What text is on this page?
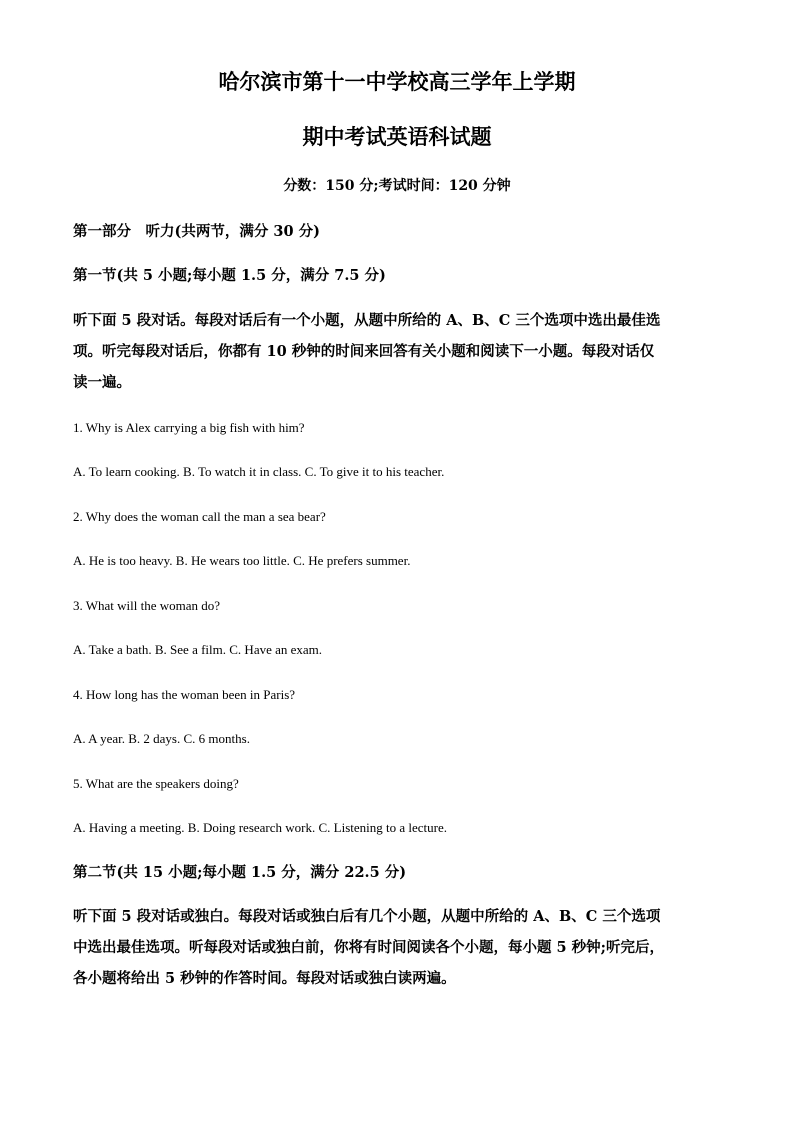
哈尔滨市第十一中学校高三学年上学期
期中考试英语科试题
分数：150 分;考试时间：120 分钟
第一部分　听力(共两节，满分 30 分)
第一节(共 5 小题;每小题 1.5 分，满分 7.5 分)
听下面 5 段对话。每段对话后有一个小题，从题中所给的 A、B、C 三个选项中选出最佳选
项。听完每段对话后，你都有 10 秒钟的时间来回答有关小题和阅读下一小题。每段对话仅
读一遍。
1. Why is Alex carrying a big fish with him?
A. To learn cooking. B. To watch it in class. C. To give it to his teacher.
2. Why does the woman call the man a sea bear?
A. He is too heavy. B. He wears too little. C. He prefers summer.
3. What will the woman do?
A. Take a bath. B. See a film. C. Have an exam.
4. How long has the woman been in Paris?
A. A year. B. 2 days. C. 6 months.
5. What are the speakers doing?
A. Having a meeting. B. Doing research work. C. Listening to a lecture.
第二节(共 15 小题;每小题 1.5 分，满分 22.5 分)
听下面 5 段对话或独白。每段对话或独白后有几个小题，从题中所给的 A、B、C 三个选项
中选出最佳选项。听每段对话或独白前，你将有时间阅读各个小题，每小题 5 秒钟;听完后，
各小题将给出 5 秒钟的作答时间。每段对话或独白读两遍。
